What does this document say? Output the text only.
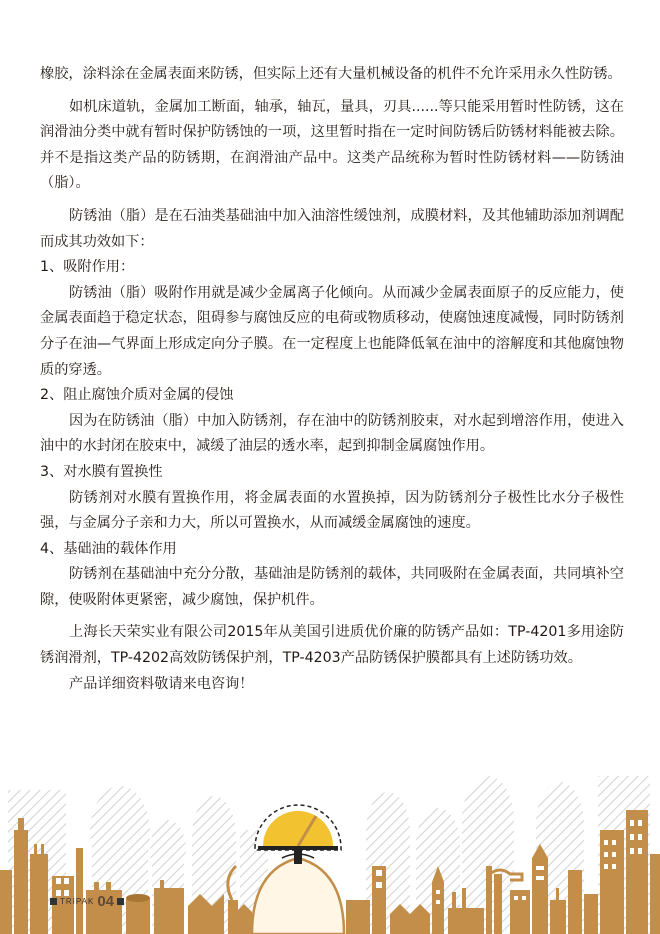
橡胶，涂料涂在金属表面来防锈，但实际上还有大量机械设备的机件不允许采用永久性防锈。

如机床道轨，金属加工断面，轴承，轴瓦，量具，刃具......等只能采用暂时性防锈，这在润滑油分类中就有暂时保护防锈蚀的一项，这里暂时指在一定时间防锈后防锈材料能被去除。并不是指这类产品的防锈期，在润滑油产品中。这类产品统称为暂时性防锈材料——防锈油（脂）。

防锈油（脂）是在石油类基础油中加入油溶性缓蚀剂，成膜材料，及其他辅助添加剂调配而成其功效如下：

1、吸附作用：

防锈油（脂）吸附作用就是减少金属离子化倾向。从而减少金属表面原子的反应能力，使金属表面趋于稳定状态，阻碍参与腐蚀反应的电荷或物质移动，使腐蚀速度减慢，同时防锈剂分子在油—气界面上形成定向分子膜。在一定程度上也能降低氧在油中的溶解度和其他腐蚀物质的穿透。

2、阻止腐蚀介质对金属的侵蚀

因为在防锈油（脂）中加入防锈剂，存在油中的防锈剂胶束，对水起到增溶作用，使进入油中的水封闭在胶束中，减缓了油层的透水率，起到抑制金属腐蚀作用。

3、对水膜有置换性

防锈剂对水膜有置换作用，将金属表面的水置换掉，因为防锈剂分子极性比水分子极性强，与金属分子亲和力大，所以可置换水，从而减缓金属腐蚀的速度。

4、基础油的载体作用

防锈剂在基础油中充分分散，基础油是防锈剂的载体，共同吸附在金属表面，共同填补空隙，使吸附体更紧密，减少腐蚀，保护机件。

上海长天荣实业有限公司2015年从美国引进质优价廉的防锈产品如：TP-4201多用途防锈润滑剂，TP-4202高效防锈保护剂，TP-4203产品防锈保护膜都具有上述防锈功效。

产品详细资料敬请来电咨询！

TRIPAK 04
